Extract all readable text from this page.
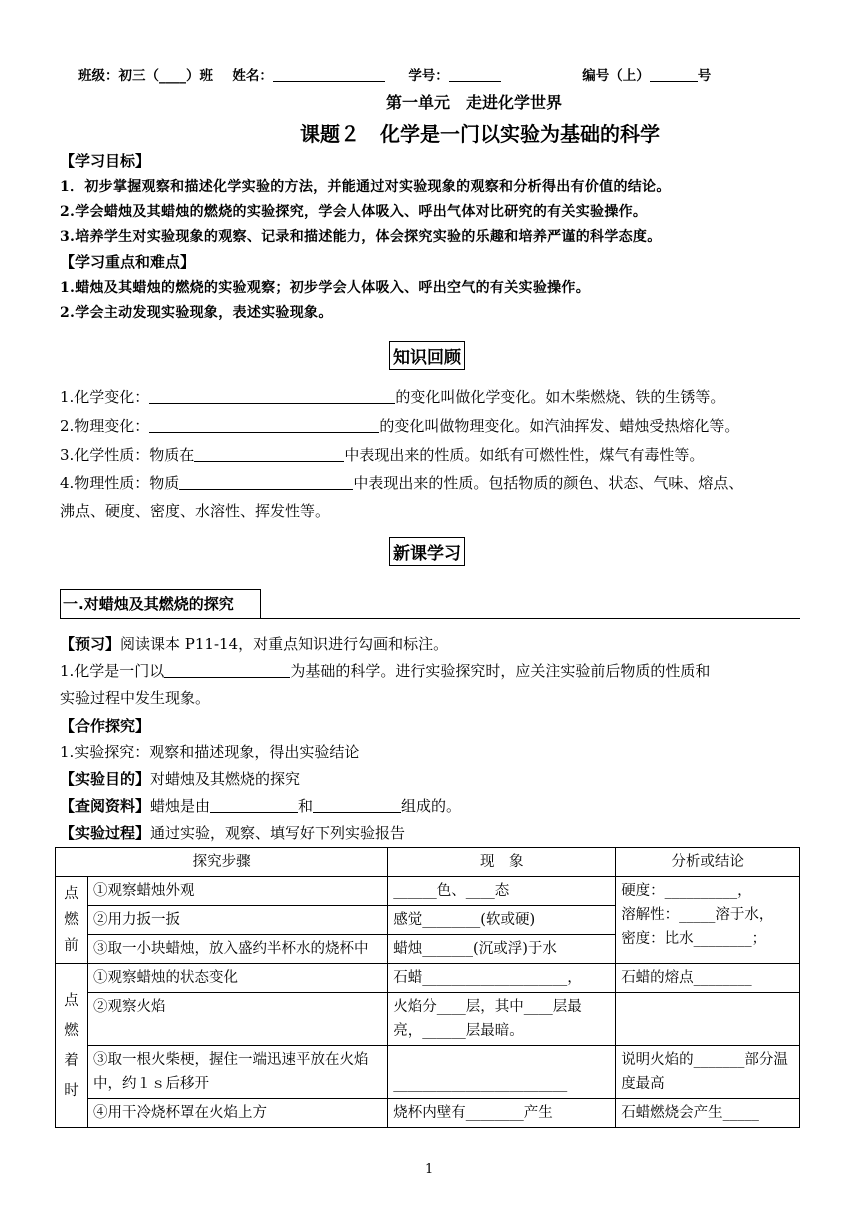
班级：初三（____）班 姓名：	学号：	编号（上）	号
第一单元　走进化学世界
课题２　化学是一门以实验为基础的科学
【学习目标】
1．初步掌握观察和描述化学实验的方法，并能通过对实验现象的观察和分析得出有价值的结论。
2.学会蜡烛及其蜡烛的燃烧的实验探究，学会人体吸入、呼出气体对比研究的有关实验操作。
3.培养学生对实验现象的观察、记录和描述能力，体会探究实验的乐趣和培养严谨的科学态度。
【学习重点和难点】
1.蜡烛及其蜡烛的燃烧的实验观察；初步学会人体吸入、呼出空气的有关实验操作。
2.学会主动发现实验现象，表述实验现象。
知识回顾
1.化学变化：	的变化叫做化学变化。如木柴燃烧、铁的生锈等。
2.物理变化：	的变化叫做物理变化。如汽油挥发、蜡烛受热熔化等。
3.化学性质：物质在	中表现出来的性质。如纸有可燃性性，煤气有毒性等。
4.物理性质：物质	中表现出来的性质。包括物质的颜色、状态、气味、熔点、
沸点、硬度、密度、水溶性、挥发性等。
新课学习
一.对蜡烛及其燃烧的探究
【预习】阅读课本 P11-14，对重点知识进行勾画和标注。
1.化学是一门以	为基础的科学。进行实验探究时，应关注实验前后物质的性质和
实验过程中发生现象。
【合作探究】
1.实验探究：观察和描述现象，得出实验结论
【实验目的】对蜡烛及其燃烧的探究
【查阅资料】蜡烛是由	和	组成的。
【实验过程】通过实验，观察、填写好下列实验报告
探究步骤		现　象	分析或结论

点燃前	①观察蜡烛外观	______色、____态	硬度：__________，
溶解性：_____溶于水，
密度：比水________；

	②用力扳一扳	感觉________(软或硬)	
	③取一小块蜡烛，放入盛约半杯水的烧杯中	蜡烛_______(沉或浮)于水	

点燃着时	①观察蜡烛的状态变化	石蜡____________________，	石蜡的熔点________
	②观察火焰	火焰分____层，其中____层最亮，______层最暗。	
	③取一根火柴梗，握住一端迅速平放在火焰中，约１ｓ后移开	________________________	说明火焰的_______部分温度最高
	④用干冷烧杯罩在火焰上方	烧杯内壁有________产生	石蜡燃烧会产生_____
1
